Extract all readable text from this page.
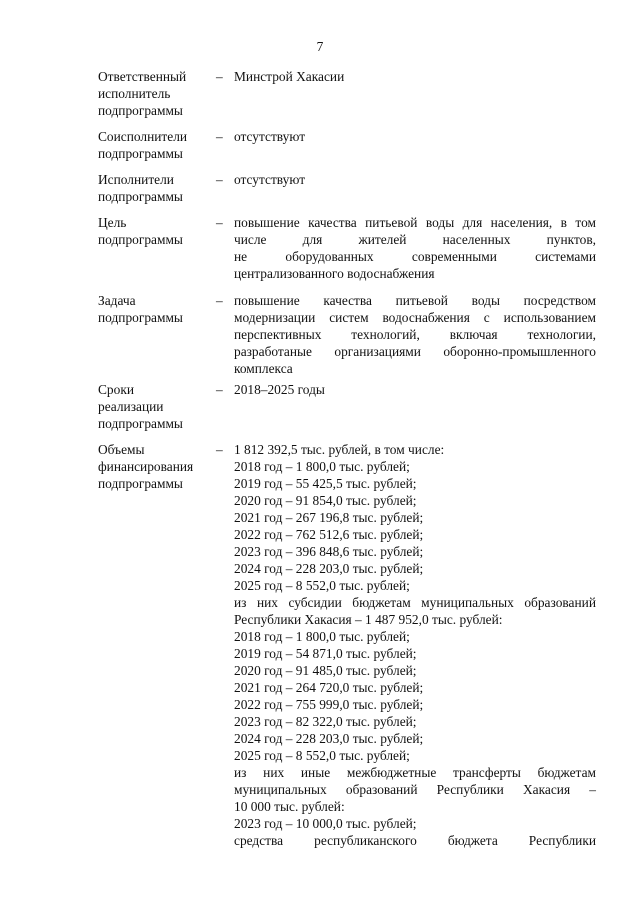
7
Ответственный
исполнитель
подпрограммы
– Минстрой Хакасии

Соисполнители
подпрограммы
– отсутствуют

Исполнители
подпрограммы
– отсутствуют

Цель
подпрограммы
– повышение качества питьевой воды для населения, в том

числе для жителей населенных пунктов,

не оборудованных современными системами

централизованного водоснабжения

Задача
подпрограммы
– повышение качества питьевой воды посредством

модернизации систем водоснабжения с использованием

перспективных технологий, включая технологии,

разработаные организациями оборонно-промышленного

комплекса

Сроки
реализации
подпрограммы
– 2018–2025 годы

Объемы
финансирования
подпрограммы
– 1 812 392,5 тыс. рублей, в том числе:

2018 год – 1 800,0 тыс. рублей;

2019 год – 55 425,5 тыс. рублей;

2020 год – 91 854,0 тыс. рублей;

2021 год – 267 196,8 тыс. рублей;

2022 год – 762 512,6 тыс. рублей;

2023 год – 396 848,6 тыс. рублей;

2024 год – 228 203,0 тыс. рублей;

2025 год – 8 552,0 тыс. рублей;

из них субсидии бюджетам муниципальных образований

Республики Хакасия – 1 487 952,0 тыс. рублей:

2018 год – 1 800,0 тыс. рублей;

2019 год – 54 871,0 тыс. рублей;

2020 год – 91 485,0 тыс. рублей;

2021 год – 264 720,0 тыс. рублей;

2022 год – 755 999,0 тыс. рублей;

2023 год – 82 322,0 тыс. рублей;

2024 год – 228 203,0 тыс. рублей;

2025 год – 8 552,0 тыс. рублей;

из них иные межбюджетные трансферты бюджетам

муниципальных образований Республики Хакасия –

10 000 тыс. рублей:

2023 год – 10 000,0 тыс. рублей;

средства республиканского бюджета Республики
